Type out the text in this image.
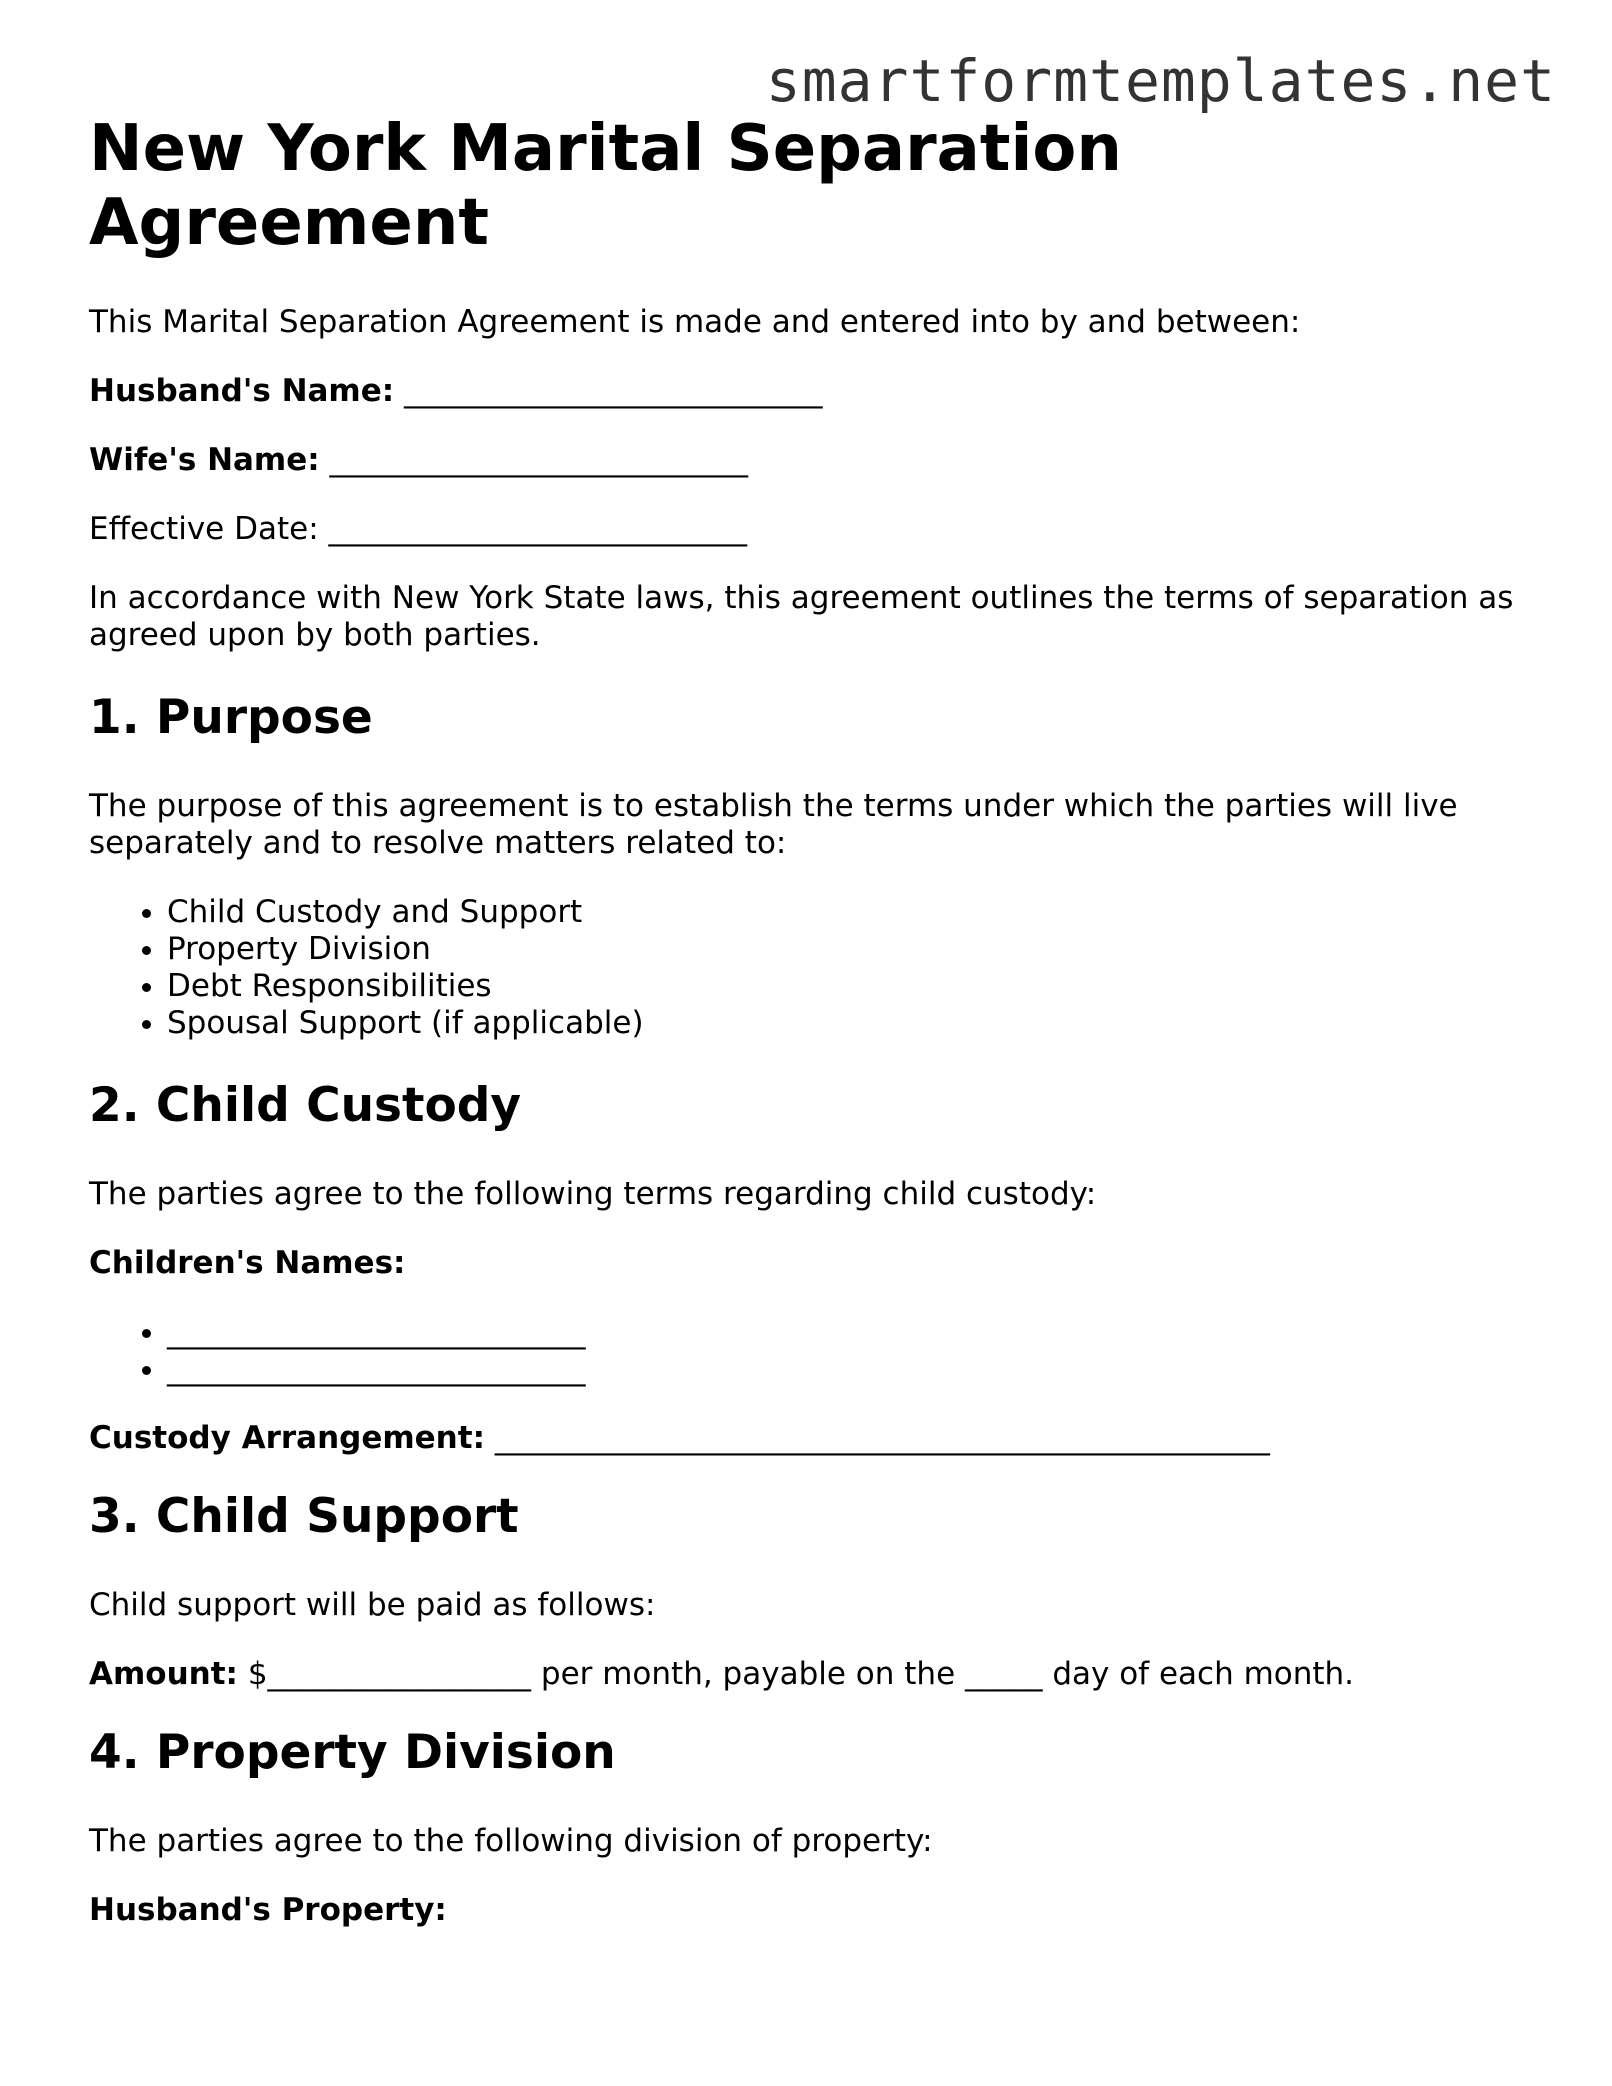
smartformtemplates.net
New York Marital Separation Agreement

This Marital Separation Agreement is made and entered into by and between:

Husband's Name: ___________________________

Wife's Name: ___________________________

Effective Date: ___________________________

In accordance with New York State laws, this agreement outlines the terms of separation as agreed upon by both parties.

1. Purpose

The purpose of this agreement is to establish the terms under which the parties will live separately and to resolve matters related to:

• Child Custody and Support
• Property Division
• Debt Responsibilities
• Spousal Support (if applicable)
2. Child Custody

The parties agree to the following terms regarding child custody:

Children's Names:

• ___________________________
• ___________________________

Custody Arrangement: __________________________________________________

3. Child Support

Child support will be paid as follows:

Amount: $_________________ per month, payable on the _____ day of each month.

4. Property Division

The parties agree to the following division of property:

Husband's Property:
